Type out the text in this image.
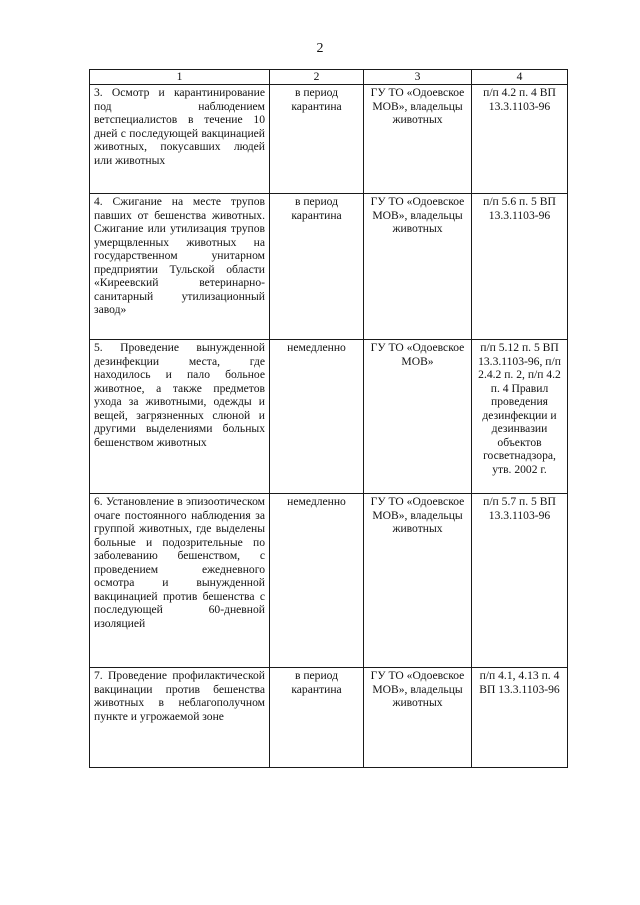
2
1	2	3	4
3. Осмотр и карантинирование под наблюдением ветспециалистов в течение 10 дней с последующей вакцинацией животных, покусавших людей или животных	в период карантина	ГУ ТО «Одоевское МОВ», владельцы животных	п/п 4.2 п. 4 ВП 13.3.1103-96
4. Сжигание на месте трупов павших от бешенства животных. Сжигание или утилизация трупов умерщвленных животных на государственном унитарном предприятии Тульской области «Киреевский ветеринарно-санитарный утилизационный завод»	в период карантина	ГУ ТО «Одоевское МОВ», владельцы животных	п/п 5.6 п. 5 ВП 13.3.1103-96
5. Проведение вынужденной дезинфекции места, где находилось и пало больное животное, а также предметов ухода за животными, одежды и вещей, загрязненных слюной и другими выделениями больных бешенством животных	немедленно	ГУ ТО «Одоевское МОВ»	п/п 5.12 п. 5 ВП 13.3.1103-96, п/п 2.4.2 п. 2, п/п 4.2 п. 4 Правил проведения дезинфекции и дезинвазии объектов госветнадзора, утв. 2002 г.
6. Установление в эпизоотическом очаге постоянного наблюдения за группой животных, где выделены больные и подозрительные по заболеванию бешенством, с проведением ежедневного осмотра и вынужденной вакцинацией против бешенства с последующей 60-дневной изоляцией	немедленно	ГУ ТО «Одоевское МОВ», владельцы животных	п/п 5.7 п. 5 ВП 13.3.1103-96
7. Проведение профилактической вакцинации против бешенства животных в неблагополучном пункте и угрожаемой зоне	в период карантина	ГУ ТО «Одоевское МОВ», владельцы животных	п/п 4.1, 4.13 п. 4 ВП 13.3.1103-96
